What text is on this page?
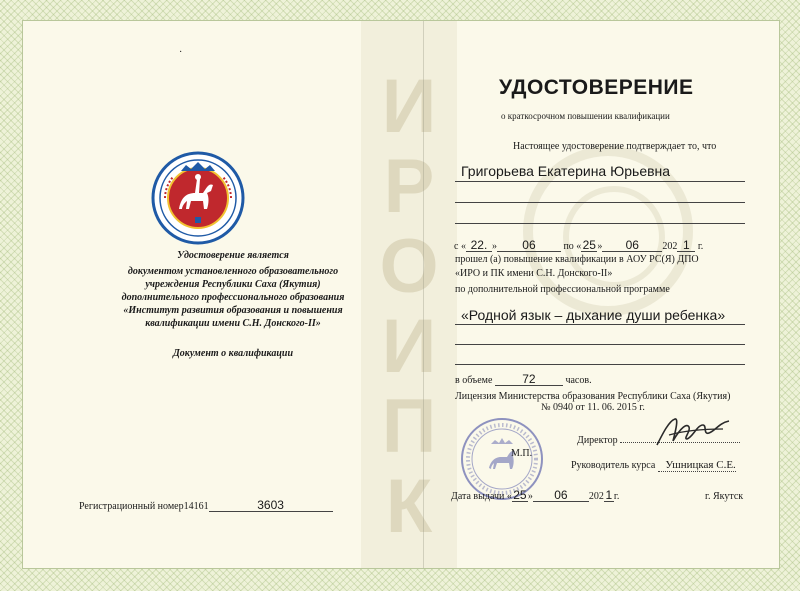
И
Р
О
И
П
К
·
Удостоверение является
документом установленного образовательного
учреждения Республики Саха (Якутия)
дополнительного профессионального образования
«Институт развития образования и повышения
квалификации имени С.Н. Донского-II»
Документ о квалификации
Регистрационный номер14161	3603
УДОСТОВЕРЕНИЕ
о краткосрочном повышении квалификации
Настоящее удостоверение подтверждает то, что
Григорьева Екатерина Юрьевна
с « 22. » 06	по «25» 06 202 1 г.
прошел (а) повышение квалификации в АОУ РС(Я) ДПО
«ИРО и ПК имени С.Н. Донского-II»
по дополнительной профессиональной программе
«Родной язык – дыхание души ребенка»
в объеме 72	часов.
Лицензия Министерства образования Республики Саха (Якутия)
№ 0940 от 11. 06. 2015 г.
М.П.
Директор
Руководитель курса Ушницкая С.Е.
Дата выдачи «25» 06 202 1 г.	г. Якутск
